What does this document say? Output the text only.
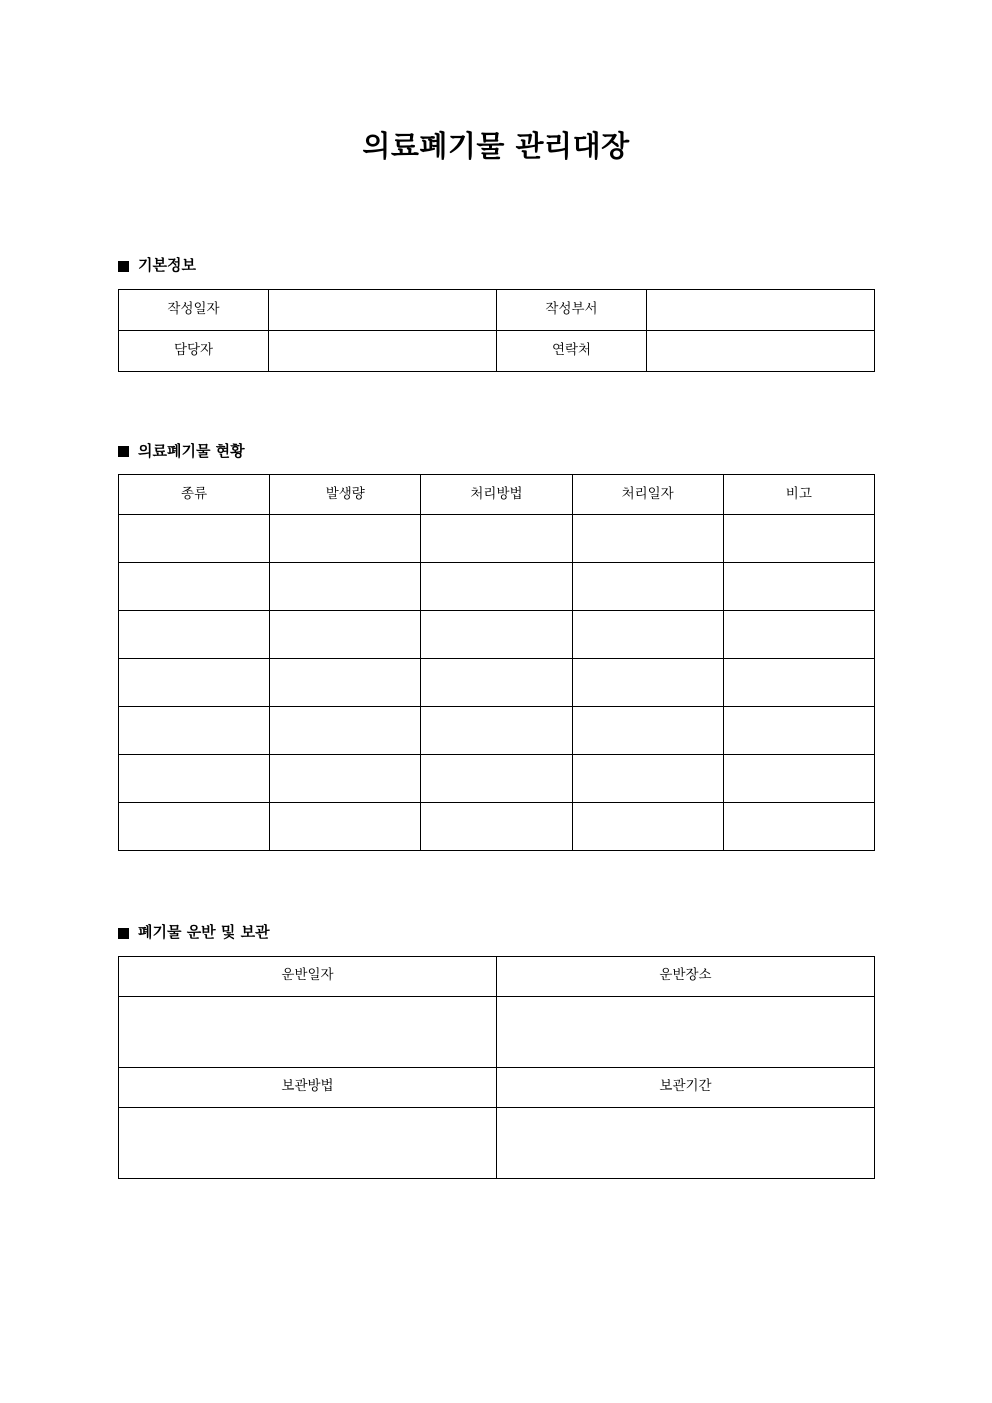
의료폐기물 관리대장
기본정보
작성일자		작성부서	
담당자		연락처	
의료폐기물 현황
종류	발생량	처리방법	처리일자	비고

폐기물 운반 및 보관
운반일자	운반장소

보관방법	보관기간
